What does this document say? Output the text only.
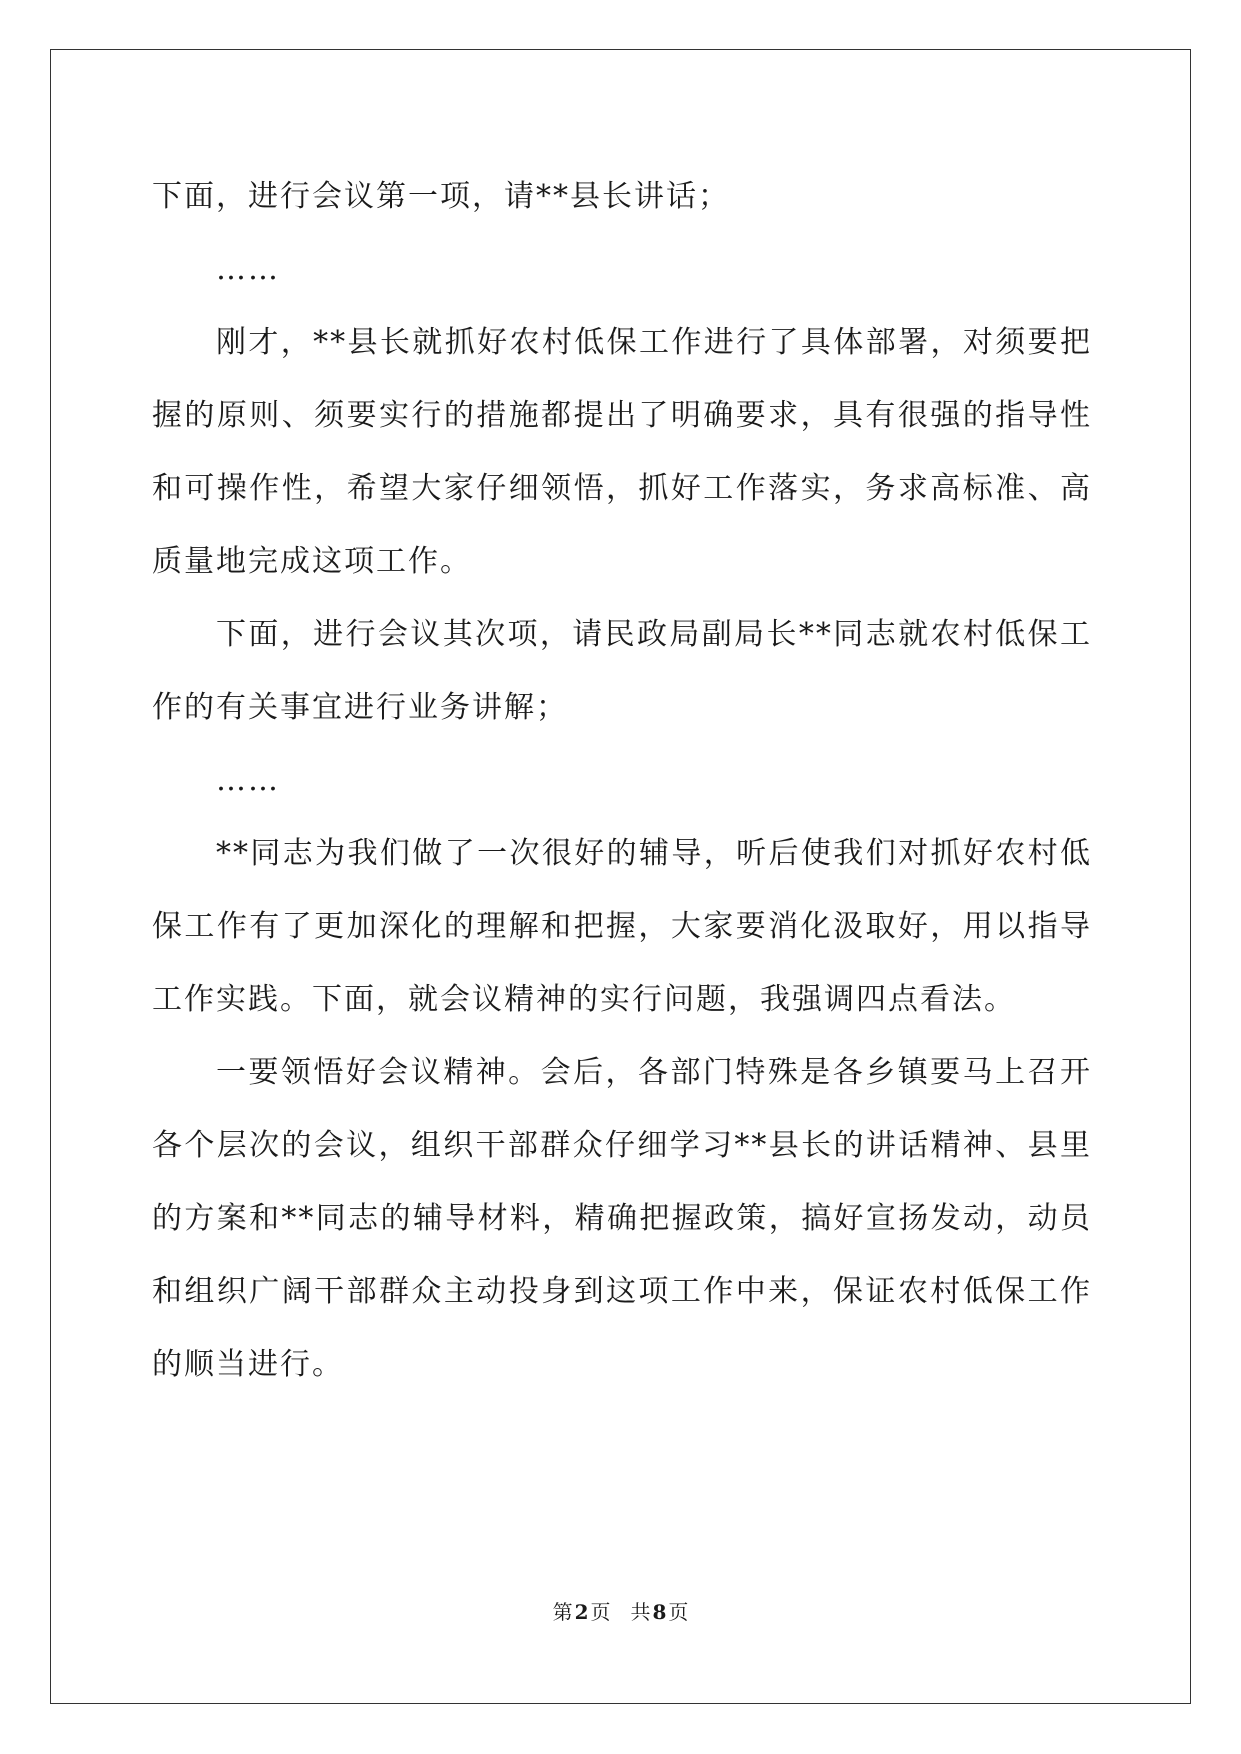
下面，进行会议第一项，请**县长讲话；

……

刚才，**县长就抓好农村低保工作进行了具体部署，对须要把握的原则、须要实行的措施都提出了明确要求，具有很强的指导性和可操作性，希望大家仔细领悟，抓好工作落实，务求高标准、高质量地完成这项工作。

下面，进行会议其次项，请民政局副局长**同志就农村低保工作的有关事宜进行业务讲解；

……

**同志为我们做了一次很好的辅导，听后使我们对抓好农村低保工作有了更加深化的理解和把握，大家要消化汲取好，用以指导工作实践。下面，就会议精神的实行问题，我强调四点看法。

一要领悟好会议精神。会后，各部门特殊是各乡镇要马上召开各个层次的会议，组织干部群众仔细学习**县长的讲话精神、县里的方案和**同志的辅导材料，精确把握政策，搞好宣扬发动，动员和组织广阔干部群众主动投身到这项工作中来，保证农村低保工作的顺当进行。

第 2 页 共 8 页
